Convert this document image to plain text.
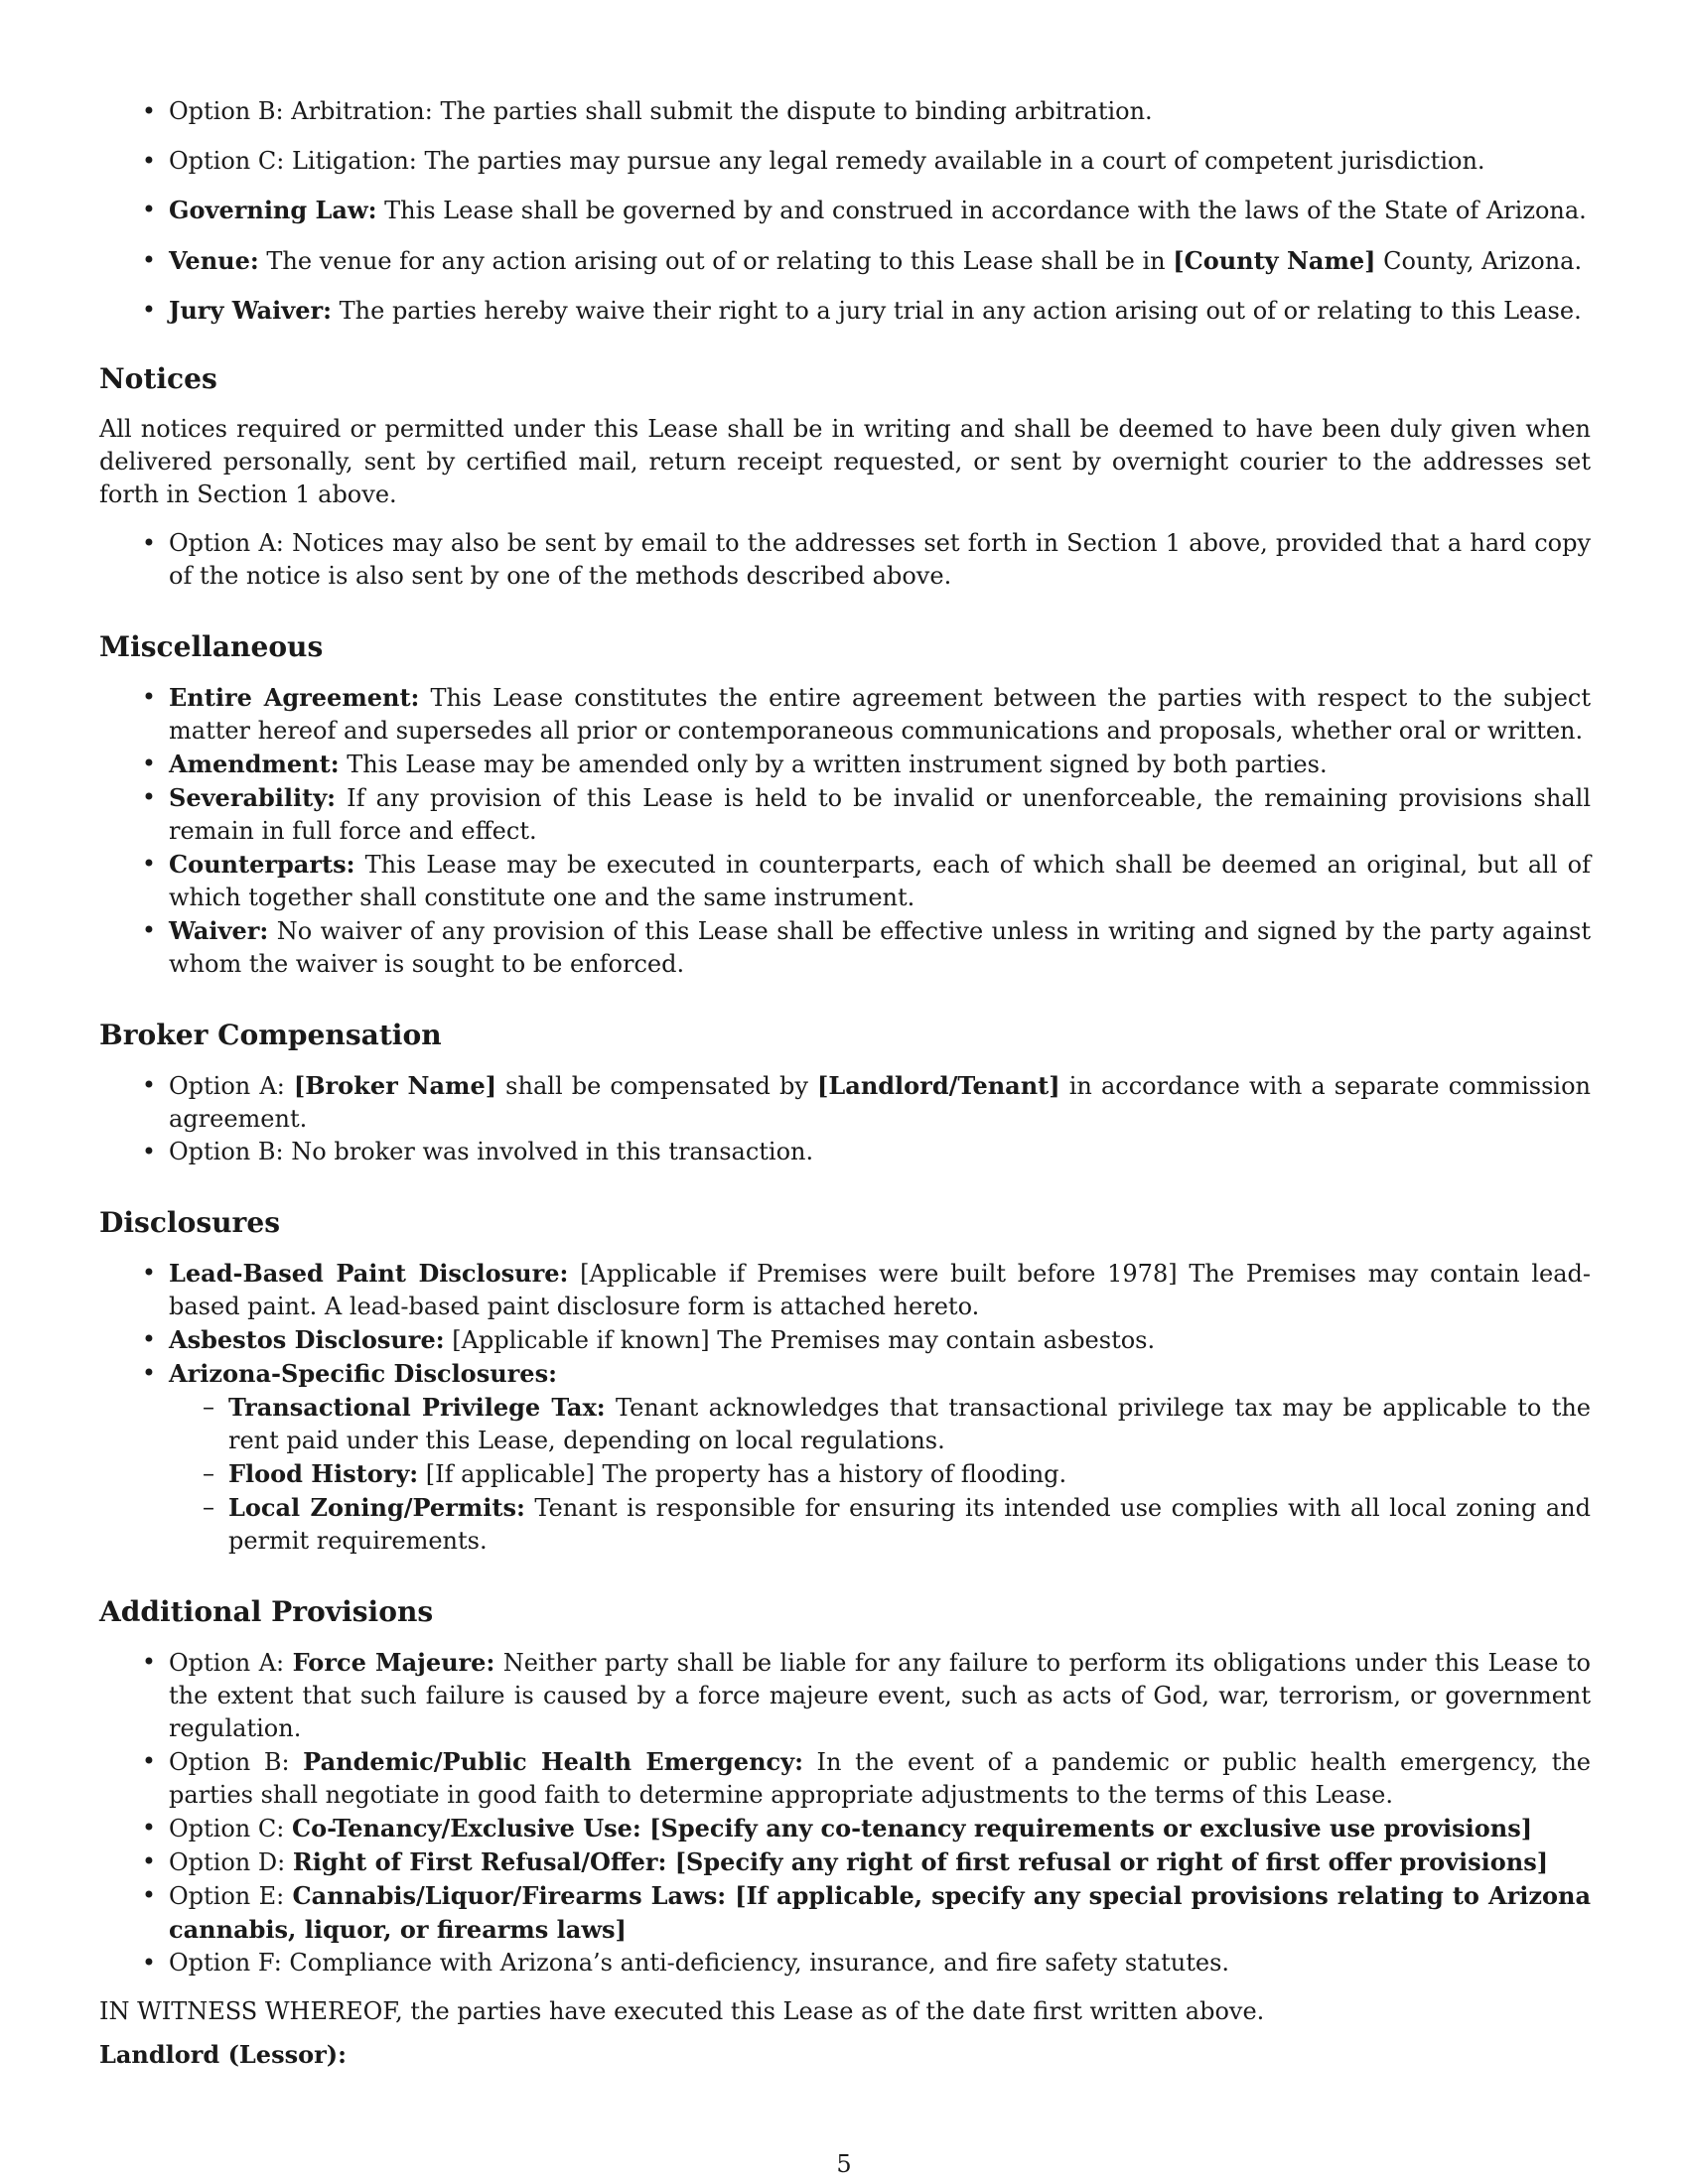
• Option B: Arbitration: The parties shall submit the dispute to binding arbitration.
• Option C: Litigation: The parties may pursue any legal remedy available in a court of competent jurisdiction.
• Governing Law: This Lease shall be governed by and construed in accordance with the laws of the State of Arizona.
• Venue: The venue for any action arising out of or relating to this Lease shall be in [County Name] County, Arizona.
• Jury Waiver: The parties hereby waive their right to a jury trial in any action arising out of or relating to this Lease.
Notices

All notices required or permitted under this Lease shall be in writing and shall be deemed to have been duly given when delivered personally, sent by certified mail, return receipt requested, or sent by overnight courier to the addresses set forth in Section 1 above.

• Option A: Notices may also be sent by email to the addresses set forth in Section 1 above, provided that a hard copy of the notice is also sent by one of the methods described above.
Miscellaneous
• Entire Agreement: This Lease constitutes the entire agreement between the parties with respect to the subject matter hereof and supersedes all prior or contemporaneous communications and proposals, whether oral or written.
• Amendment: This Lease may be amended only by a written instrument signed by both parties.
• Severability: If any provision of this Lease is held to be invalid or unenforceable, the remaining provisions shall remain in full force and effect.
• Counterparts: This Lease may be executed in counterparts, each of which shall be deemed an original, but all of which together shall constitute one and the same instrument.
• Waiver: No waiver of any provision of this Lease shall be effective unless in writing and signed by the party against whom the waiver is sought to be enforced.
Broker Compensation
• Option A: [Broker Name] shall be compensated by [Landlord/Tenant] in accordance with a separate commission agreement.
• Option B: No broker was involved in this transaction.
Disclosures
• Lead-Based Paint Disclosure: [Applicable if Premises were built before 1978] The Premises may contain lead-based paint. A lead-based paint disclosure form is attached hereto.
• Asbestos Disclosure: [Applicable if known] The Premises may contain asbestos.
• Arizona-Specific Disclosures:
– Transactional Privilege Tax: Tenant acknowledges that transactional privilege tax may be applicable to the rent paid under this Lease, depending on local regulations.
– Flood History: [If applicable] The property has a history of flooding.
– Local Zoning/Permits: Tenant is responsible for ensuring its intended use complies with all local zoning and permit requirements.
Additional Provisions
• Option A: Force Majeure: Neither party shall be liable for any failure to perform its obligations under this Lease to the extent that such failure is caused by a force majeure event, such as acts of God, war, terrorism, or government regulation.
• Option B: Pandemic/Public Health Emergency: In the event of a pandemic or public health emergency, the parties shall negotiate in good faith to determine appropriate adjustments to the terms of this Lease.
• Option C: Co-Tenancy/Exclusive Use: [Specify any co-tenancy requirements or exclusive use provisions]
• Option D: Right of First Refusal/Offer: [Specify any right of first refusal or right of first offer provisions]
• Option E: Cannabis/Liquor/Firearms Laws: [If applicable, specify any special provisions relating to Arizona cannabis, liquor, or firearms laws]
• Option F: Compliance with Arizona’s anti-deficiency, insurance, and fire safety statutes.

IN WITNESS WHEREOF, the parties have executed this Lease as of the date first written above.

Landlord (Lessor):

5
